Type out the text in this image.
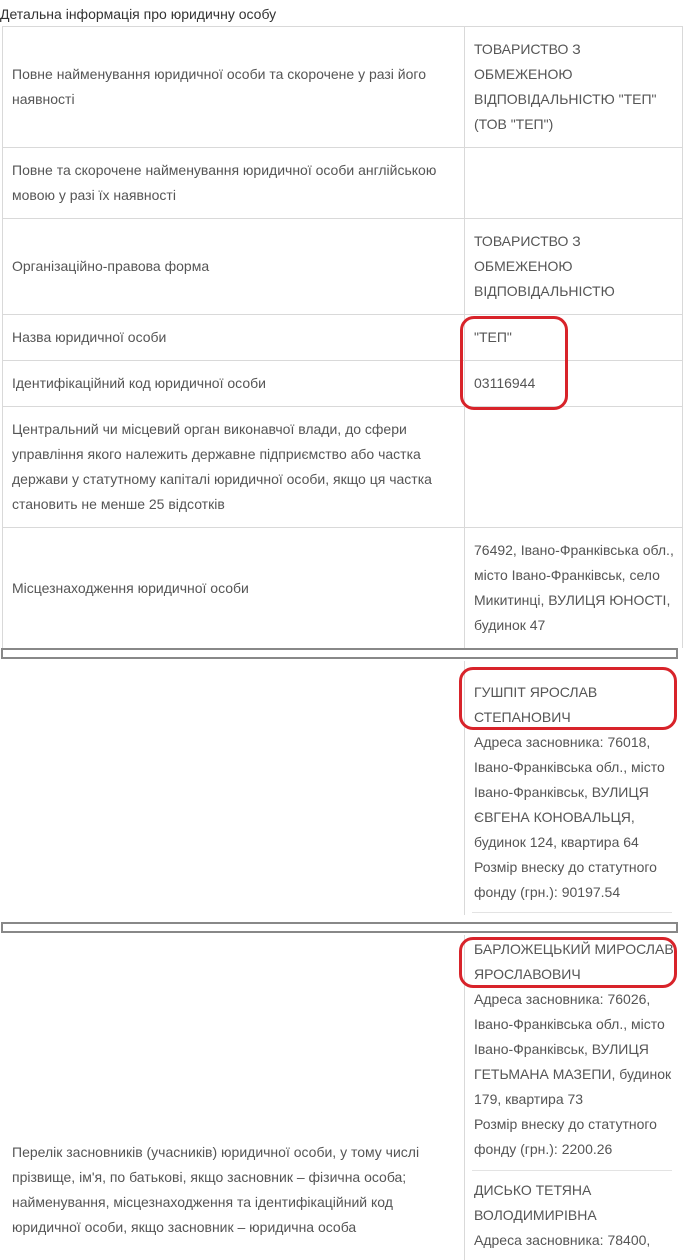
Детальна інформація про юридичну особу
Повне найменування юридичної особи та скорочене у разі його наявності
ТОВАРИСТВО З ОБМЕЖЕНОЮ ВІДПОВІДАЛЬНІСТЮ "ТЕП" (ТОВ "ТЕП")
Повне та скорочене найменування юридичної особи англійською мовою у разі їх наявності
Організаційно-правова форма
ТОВАРИСТВО З ОБМЕЖЕНОЮ ВІДПОВІДАЛЬНІСТЮ
Назва юридичної особи	"ТЕП"
Ідентифікаційний код юридичної особи	03116944
Центральний чи місцевий орган виконавчої влади, до сфери управління якого належить державне підприємство або частка держави у статутному капіталі юридичної особи, якщо ця частка становить не менше 25 відсотків
Місцезнаходження юридичної особи
76492, Івано-Франківська обл., місто Івано-Франківськ, село Микитинці, ВУЛИЦЯ ЮНОСТІ, будинок 47
ГУШПІТ ЯРОСЛАВ СТЕПАНОВИЧ
Адреса засновника: 76018, Івано-Франківська обл., місто Івано-Франківськ, ВУЛИЦЯ ЄВГЕНА КОНОВАЛЬЦЯ, будинок 124, квартира 64
Розмір внеску до статутного фонду (грн.): 90197.54
БАРЛОЖЕЦЬКИЙ МИРОСЛАВ ЯРОСЛАВОВИЧ
Адреса засновника: 76026, Івано-Франківська обл., місто Івано-Франківськ, ВУЛИЦЯ ГЕТЬМАНА МАЗЕПИ, будинок 179, квартира 73
Розмір внеску до статутного фонду (грн.): 2200.26
ДИСЬКО ТЕТЯНА ВОЛОДИМИРІВНА
Адреса засновника: 78400,
Перелік засновників (учасників) юридичної особи, у тому числі прізвище, ім'я, по батькові, якщо засновник – фізична особа; найменування, місцезнаходження та ідентифікаційний код юридичної особи, якщо засновник – юридична особа
